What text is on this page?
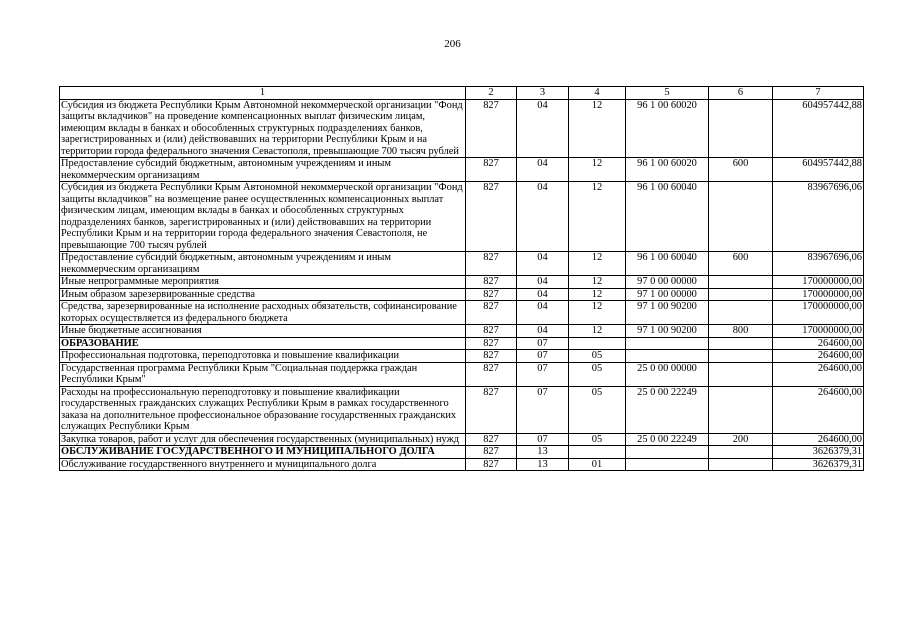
206
1	2	3	4	5	6	7
Субсидия из бюджета Республики Крым Автономной некоммерческой организации "Фонд защиты вкладчиков" на проведение компенсационных выплат физическим лицам, имеющим вклады в банках и обособленных структурных подразделениях банков, зарегистрированных и (или) действовавших на территории Республики Крым и на территории города федерального значения Севастополя, превышающие 700 тысяч рублей	827	04	12	96 1 00 60020		604957442,88
Предоставление субсидий бюджетным, автономным учреждениям и иным некоммерческим организациям	827	04	12	96 1 00 60020	600	604957442,88
Субсидия из бюджета Республики Крым Автономной некоммерческой организации "Фонд защиты вкладчиков" на возмещение ранее осуществленных компенсационных выплат физическим лицам, имеющим вклады в банках и обособленных структурных подразделениях банков, зарегистрированных и (или) действовавших на территории Республики Крым и на территории города федерального значения Севастополя, не превышающие 700 тысяч рублей	827	04	12	96 1 00 60040		83967696,06
Предоставление субсидий бюджетным, автономным учреждениям и иным некоммерческим организациям	827	04	12	96 1 00 60040	600	83967696,06
Иные непрограммные мероприятия	827	04	12	97 0 00 00000		170000000,00
Иным образом зарезервированные средства	827	04	12	97 1 00 00000		170000000,00
Средства, зарезервированные на исполнение расходных обязательств, софинансирование которых осуществляется из федерального бюджета	827	04	12	97 1 00 90200		170000000,00
Иные бюджетные ассигнования	827	04	12	97 1 00 90200	800	170000000,00
ОБРАЗОВАНИЕ	827	07				264600,00
Профессиональная подготовка, переподготовка и повышение квалификации	827	07	05			264600,00
Государственная программа Республики Крым "Социальная поддержка граждан Республики Крым"	827	07	05	25 0 00 00000		264600,00
Расходы на профессиональную переподготовку и повышение квалификации государственных гражданских служащих Республики Крым в рамках государственного заказа на дополнительное профессиональное образование государственных гражданских служащих Республики Крым	827	07	05	25 0 00 22249		264600,00
Закупка товаров, работ и услуг для обеспечения государственных (муниципальных) нужд	827	07	05	25 0 00 22249	200	264600,00
ОБСЛУЖИВАНИЕ ГОСУДАРСТВЕННОГО И МУНИЦИПАЛЬНОГО ДОЛГА	827	13				3626379,31
Обслуживание государственного внутреннего и муниципального долга	827	13	01			3626379,31
